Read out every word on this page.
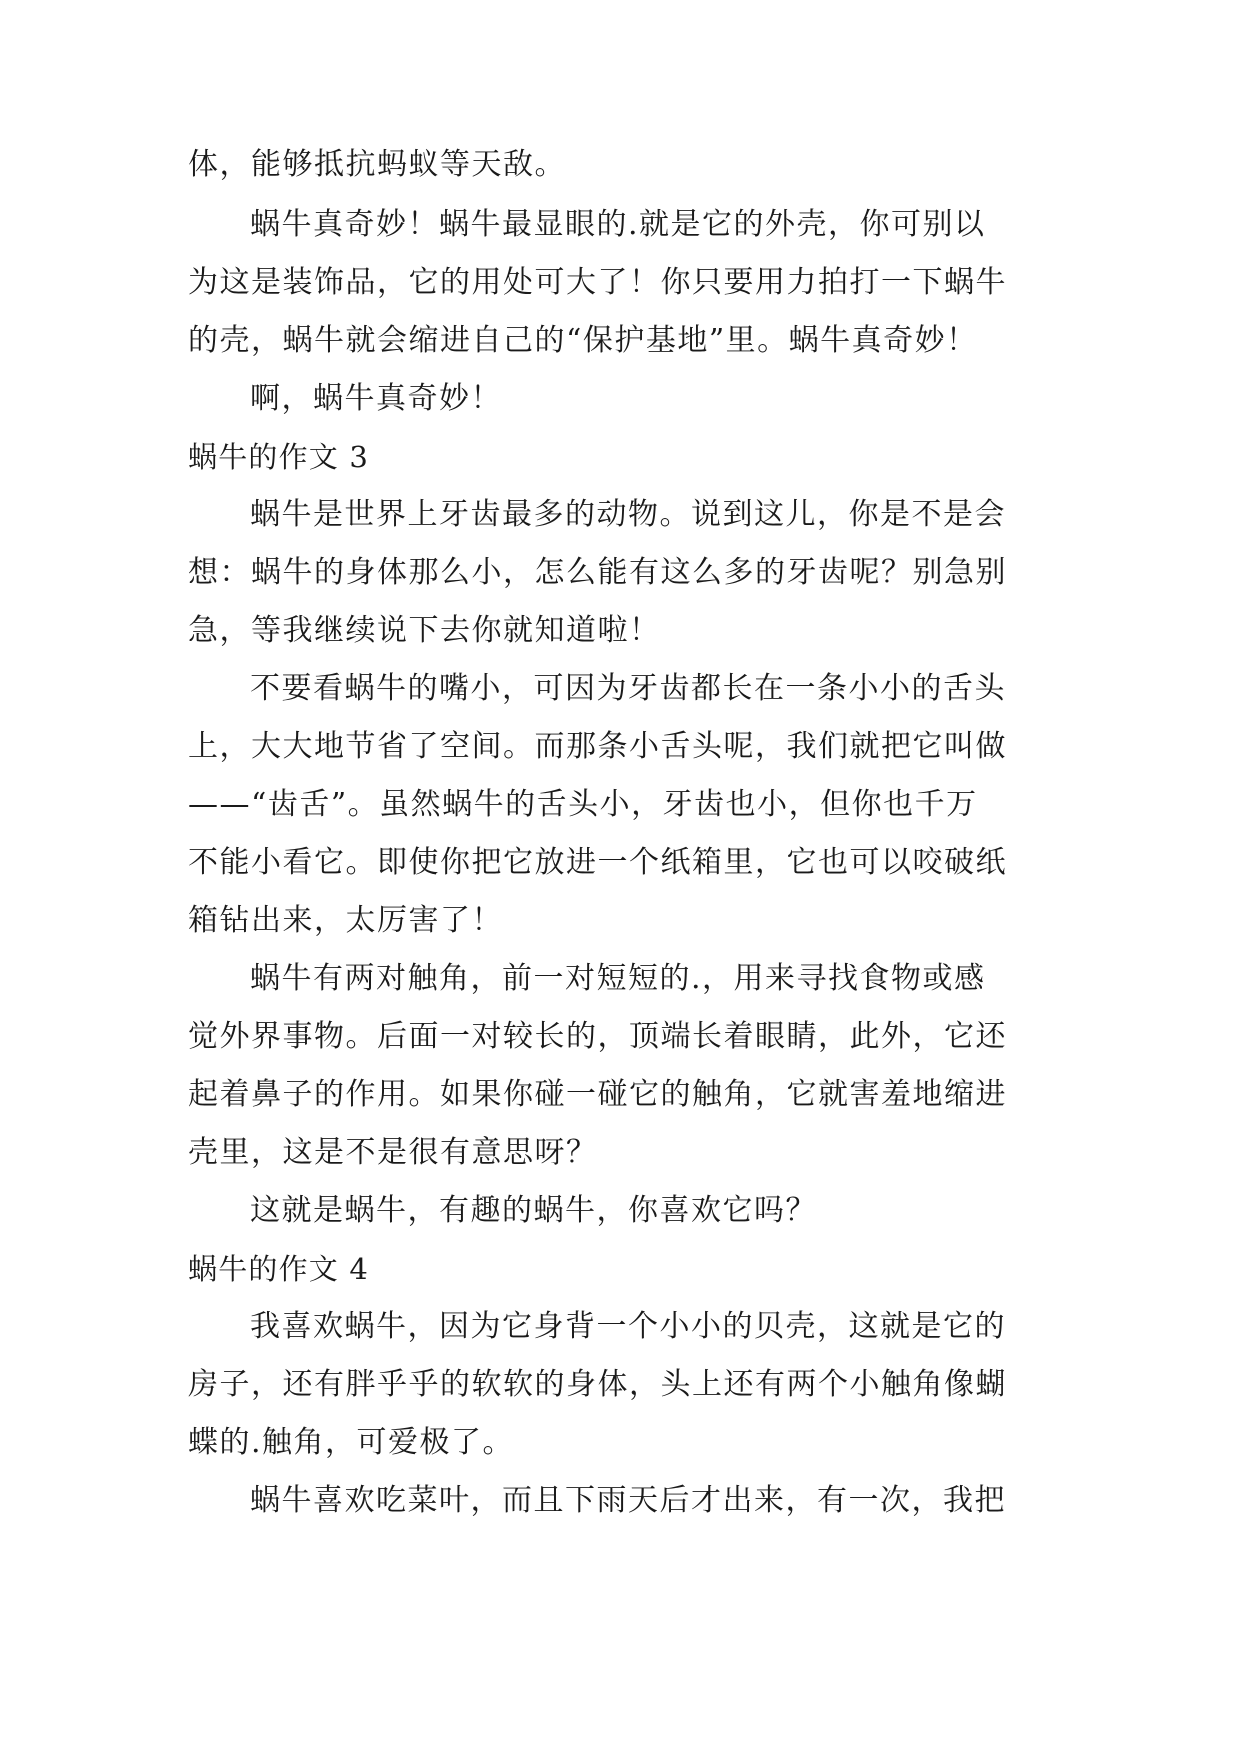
体，能够抵抗蚂蚁等天敌。
蜗牛真奇妙！蜗牛最显眼的.就是它的外壳，你可别以
为这是装饰品，它的用处可大了！你只要用力拍打一下蜗牛
的壳，蜗牛就会缩进自己的“保护基地”里。蜗牛真奇妙！
啊，蜗牛真奇妙！
蜗牛的作文 3
蜗牛是世界上牙齿最多的动物。说到这儿，你是不是会
想：蜗牛的身体那么小，怎么能有这么多的牙齿呢？别急别
急，等我继续说下去你就知道啦！
不要看蜗牛的嘴小，可因为牙齿都长在一条小小的舌头
上，大大地节省了空间。而那条小舌头呢，我们就把它叫做
——“齿舌”。虽然蜗牛的舌头小，牙齿也小，但你也千万
不能小看它。即使你把它放进一个纸箱里，它也可以咬破纸
箱钻出来，太厉害了！
蜗牛有两对触角，前一对短短的.，用来寻找食物或感
觉外界事物。后面一对较长的，顶端长着眼睛，此外，它还
起着鼻子的作用。如果你碰一碰它的触角，它就害羞地缩进
壳里，这是不是很有意思呀？
这就是蜗牛，有趣的蜗牛，你喜欢它吗？
蜗牛的作文 4
我喜欢蜗牛，因为它身背一个小小的贝壳，这就是它的
房子，还有胖乎乎的软软的身体，头上还有两个小触角像蝴
蝶的.触角，可爱极了。
蜗牛喜欢吃菜叶，而且下雨天后才出来，有一次，我把
